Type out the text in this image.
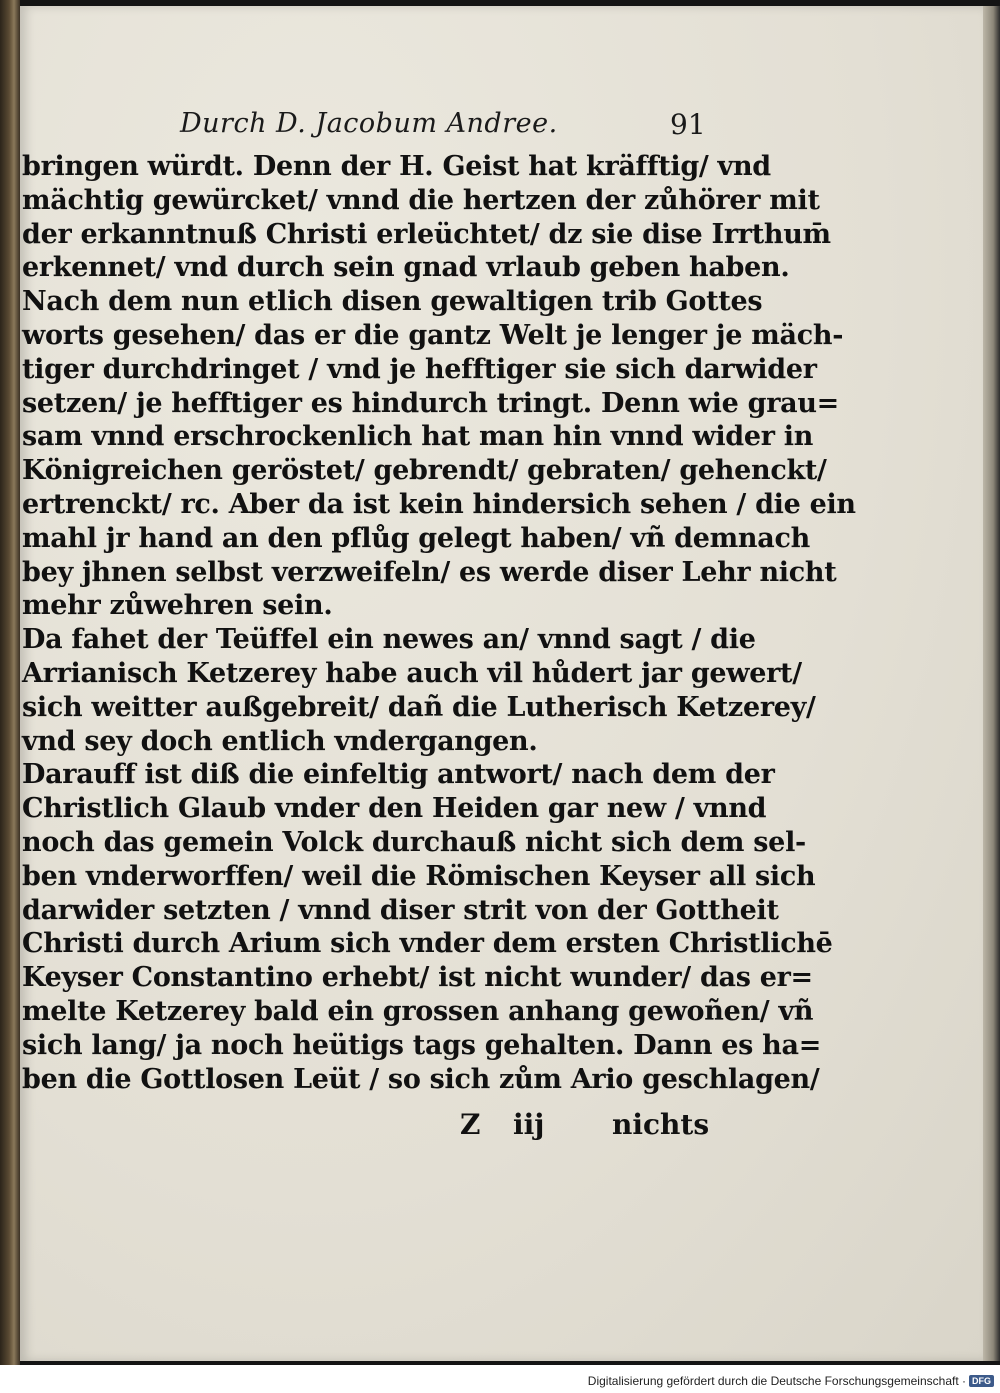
Durch D. Jacobum Andree.	91
bringen würdt. Denn der H. Geist hat kräfftig/ vnd
mächtig gewürcket/ vnnd die hertzen der zůhörer mit
der erkanntnuß Christi erleüchtet/ dz sie dise Irrthum̄
erkennet/ vnd durch sein gnad vrlaub geben haben.
Nach dem nun etlich disen gewaltigen trib Gottes
worts gesehen/ das er die gantz Welt je lenger je mäch-
tiger durchdringet / vnd je hefftiger sie sich darwider
setzen/ je hefftiger es hindurch tringt. Denn wie grau=
sam vnnd erschrockenlich hat man hin vnnd wider in
Königreichen geröstet/ gebrendt/ gebraten/ gehenckt/
ertrenckt/ rc. Aber da ist kein hindersich sehen / die ein
mahl jr hand an den pflůg gelegt haben/ vñ demnach
bey jhnen selbst verzweifeln/ es werde diser Lehr nicht
mehr zůwehren sein.
Da fahet der Teüffel ein newes an/ vnnd sagt / die
Arrianisch Ketzerey habe auch vil hůdert jar gewert/
sich weitter außgebreit/ dañ die Lutherisch Ketzerey/
vnd sey doch entlich vndergangen.
Darauff ist diß die einfeltig antwort/ nach dem der
Christlich Glaub vnder den Heiden gar new / vnnd
noch das gemein Volck durchauß nicht sich dem sel-
ben vnderworffen/ weil die Römischen Keyser all sich
darwider setzten / vnnd diser strit von der Gottheit
Christi durch Arium sich vnder dem ersten Christlichē
Keyser Constantino erhebt/ ist nicht wunder/ das er=
melte Ketzerey bald ein grossen anhang gewoñen/ vñ
sich lang/ ja noch heütigs tags gehalten. Dann es ha=
ben die Gottlosen Leüt / so sich zům Ario geschlagen/
Z iij nichts
Digitalisierung gefördert durch die Deutsche Forschungsgemeinschaft · DFG
